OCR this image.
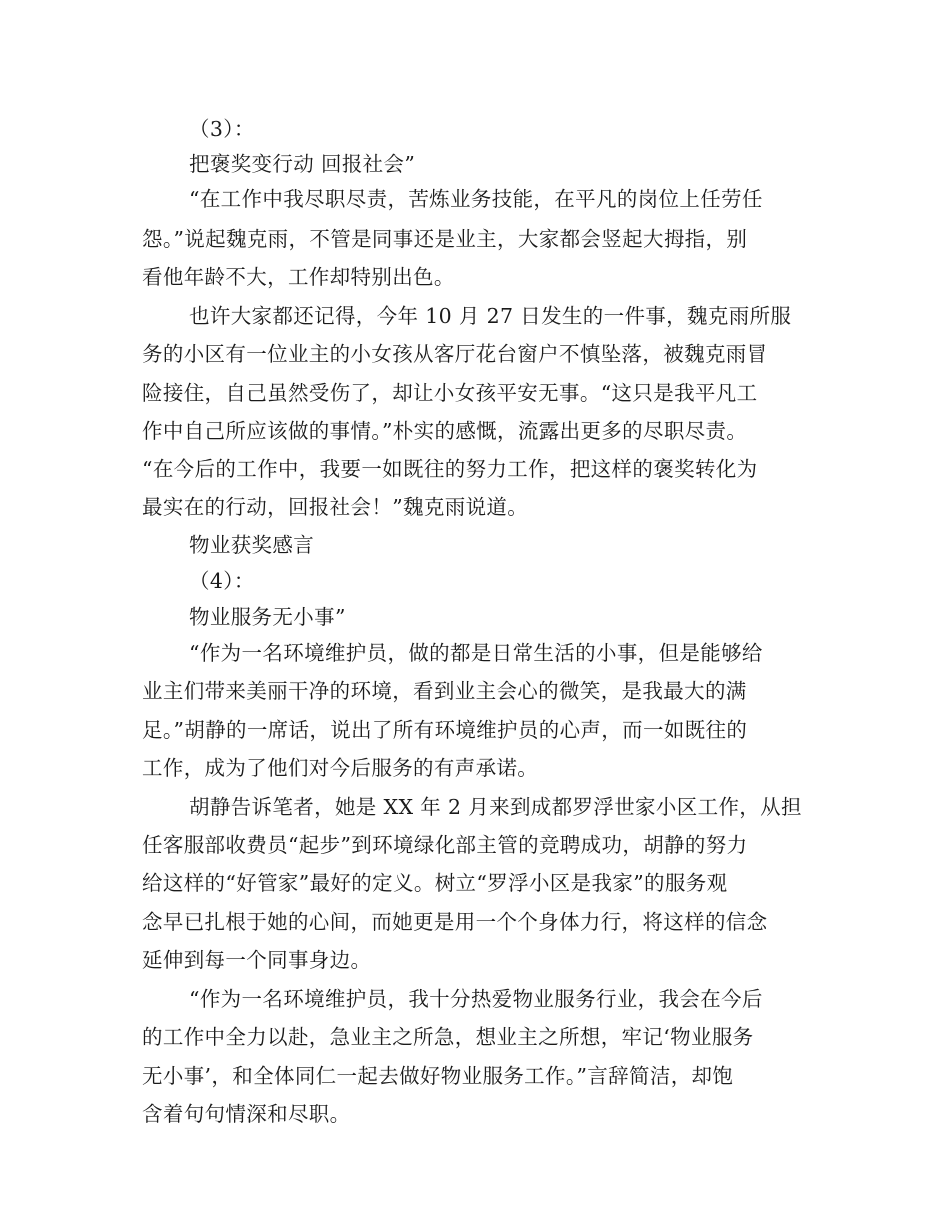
（3）：
把褒奖变行动 回报社会”
“在工作中我尽职尽责，苦炼业务技能，在平凡的岗位上任劳任
怨。”说起魏克雨，不管是同事还是业主，大家都会竖起大拇指，别
看他年龄不大，工作却特别出色。
也许大家都还记得，今年 10 月 27 日发生的一件事，魏克雨所服
务的小区有一位业主的小女孩从客厅花台窗户不慎坠落，被魏克雨冒
险接住，自己虽然受伤了，却让小女孩平安无事。“这只是我平凡工
作中自己所应该做的事情。”朴实的感慨，流露出更多的尽职尽责。
“在今后的工作中，我要一如既往的努力工作，把这样的褒奖转化为
最实在的行动，回报社会！”魏克雨说道。
物业获奖感言
（4）：
物业服务无小事”
“作为一名环境维护员，做的都是日常生活的小事，但是能够给
业主们带来美丽干净的环境，看到业主会心的微笑，是我最大的满
足。”胡静的一席话，说出了所有环境维护员的心声，而一如既往的
工作，成为了他们对今后服务的有声承诺。
胡静告诉笔者，她是 XX 年 2 月来到成都罗浮世家小区工作，从担
任客服部收费员“起步”到环境绿化部主管的竞聘成功，胡静的努力
给这样的“好管家”最好的定义。树立“罗浮小区是我家”的服务观
念早已扎根于她的心间，而她更是用一个个身体力行，将这样的信念
延伸到每一个同事身边。
“作为一名环境维护员，我十分热爱物业服务行业，我会在今后
的工作中全力以赴，急业主之所急，想业主之所想，牢记‘物业服务
无小事’，和全体同仁一起去做好物业服务工作。”言辞简洁，却饱
含着句句情深和尽职。
